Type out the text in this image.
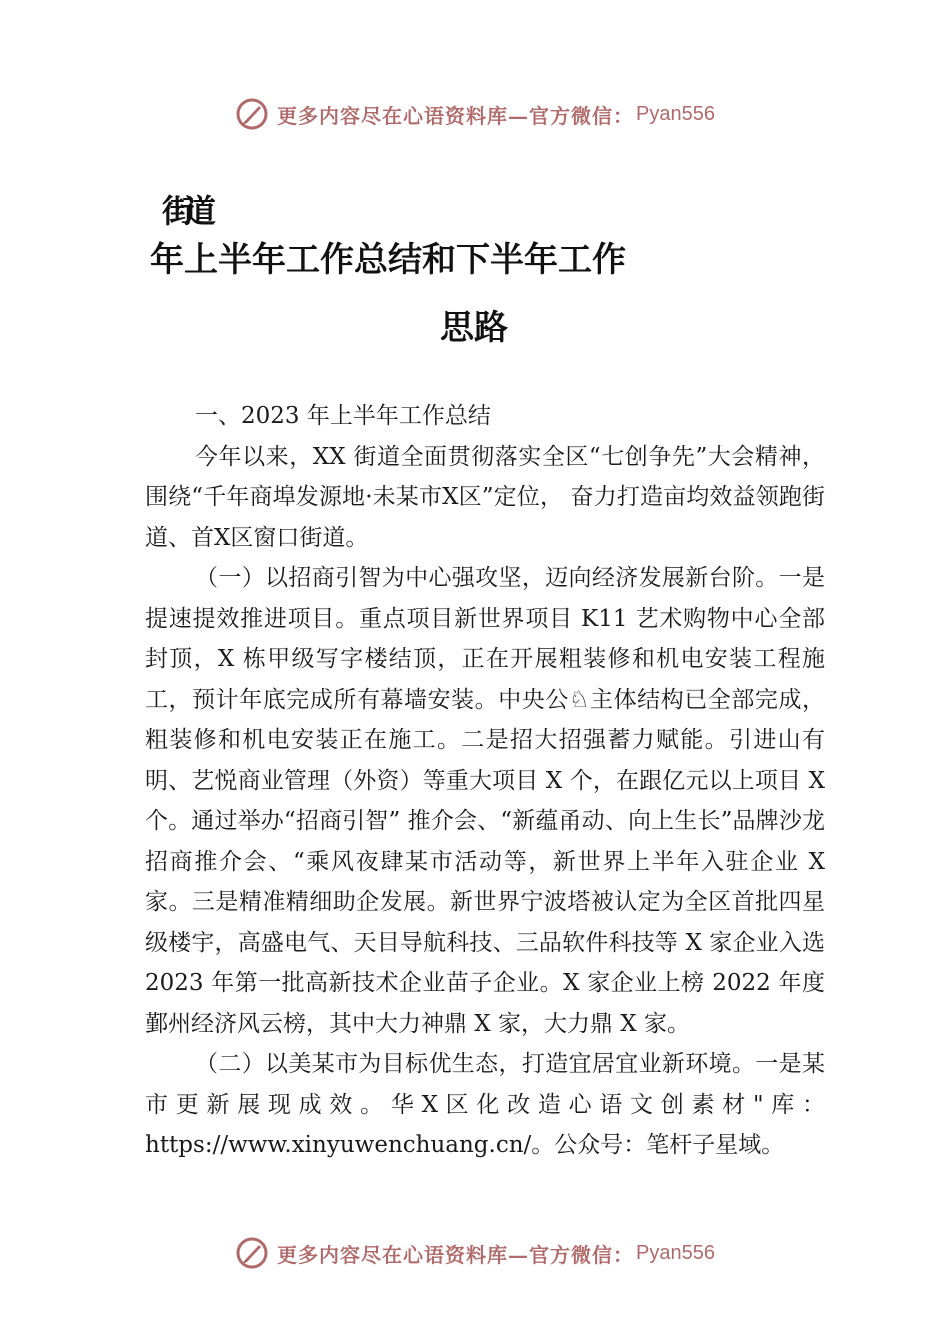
更多内容尽在心语资料库—官方微信： Pyan556
街道
年上半年工作总结和下半年工作
思路

一、2023 年上半年工作总结

今年以来，XX 街道全面贯彻落实全区“七创争先”大会精神，围绕“千年商埠发源地·未某市Ⅹ区”定位， 奋力打造亩均效益领跑街道、首Ⅹ区窗口街道。

（一）以招商引智为中心强攻坚，迈向经济发展新台阶。一是提速提效推进项目。重点项目新世界项目 K11 艺术购物中心全部封顶，X 栋甲级写字楼结顶，正在开展粗装修和机电安装工程施工，预计年底完成所有幕墙安装。中央公♘主体结构已全部完成，粗装修和机电安装正在施工。二是招大招强蓄力赋能。引进山有明、艺悦商业管理（外资）等重大项目 X 个，在跟亿元以上项目 X 个。通过举办“招商引智” 推介会、“新蕴甬动、向上生长”品牌沙龙招商推介会、“乘风夜肆某市活动等，新世界上半年入驻企业 X 家。三是精准精细助企发展。新世界宁波塔被认定为全区首批四星级楼宇，高盛电气、天目导航科技、三品软件科技等 X 家企业入选 2023 年第一批高新技术企业苗子企业。X 家企业上榜 2022 年度鄞州经济风云榜，其中大力神鼎 X 家，大力鼎 X 家。

（二）以美某市为目标优生态，打造宜居宜业新环境。一是某市更新展现成效。华Ⅹ区化改造心语文创素材"库：https://www.xinyuwenchuang.cn/。公众号：笔杆子星域。

更多内容尽在心语资料库—官方微信： Pyan556
